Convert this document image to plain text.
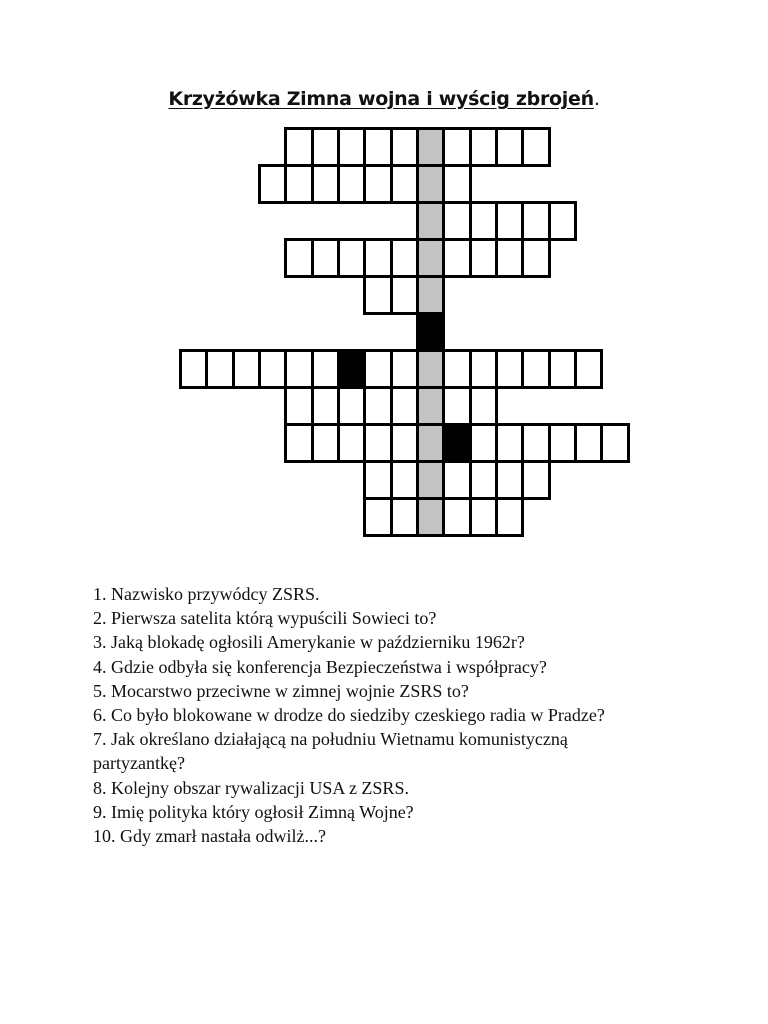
Krzyżówka Zimna wojna i wyścig zbrojeń.

1. Nazwisko przywódcy ZSRS.

2. Pierwsza satelita którą wypuścili Sowieci to?

3. Jaką blokadę ogłosili Amerykanie w październiku 1962r?

4. Gdzie odbyła się konferencja Bezpieczeństwa i współpracy?

5. Mocarstwo przeciwne w zimnej wojnie ZSRS to?

6. Co było blokowane w drodze do siedziby czeskiego radia w Pradze?

7. Jak określano działającą na południu Wietnamu komunistyczną partyzantkę?

8. Kolejny obszar rywalizacji USA z ZSRS.

9. Imię polityka który ogłosił Zimną Wojne?

10. Gdy zmarł nastała odwilż...?
